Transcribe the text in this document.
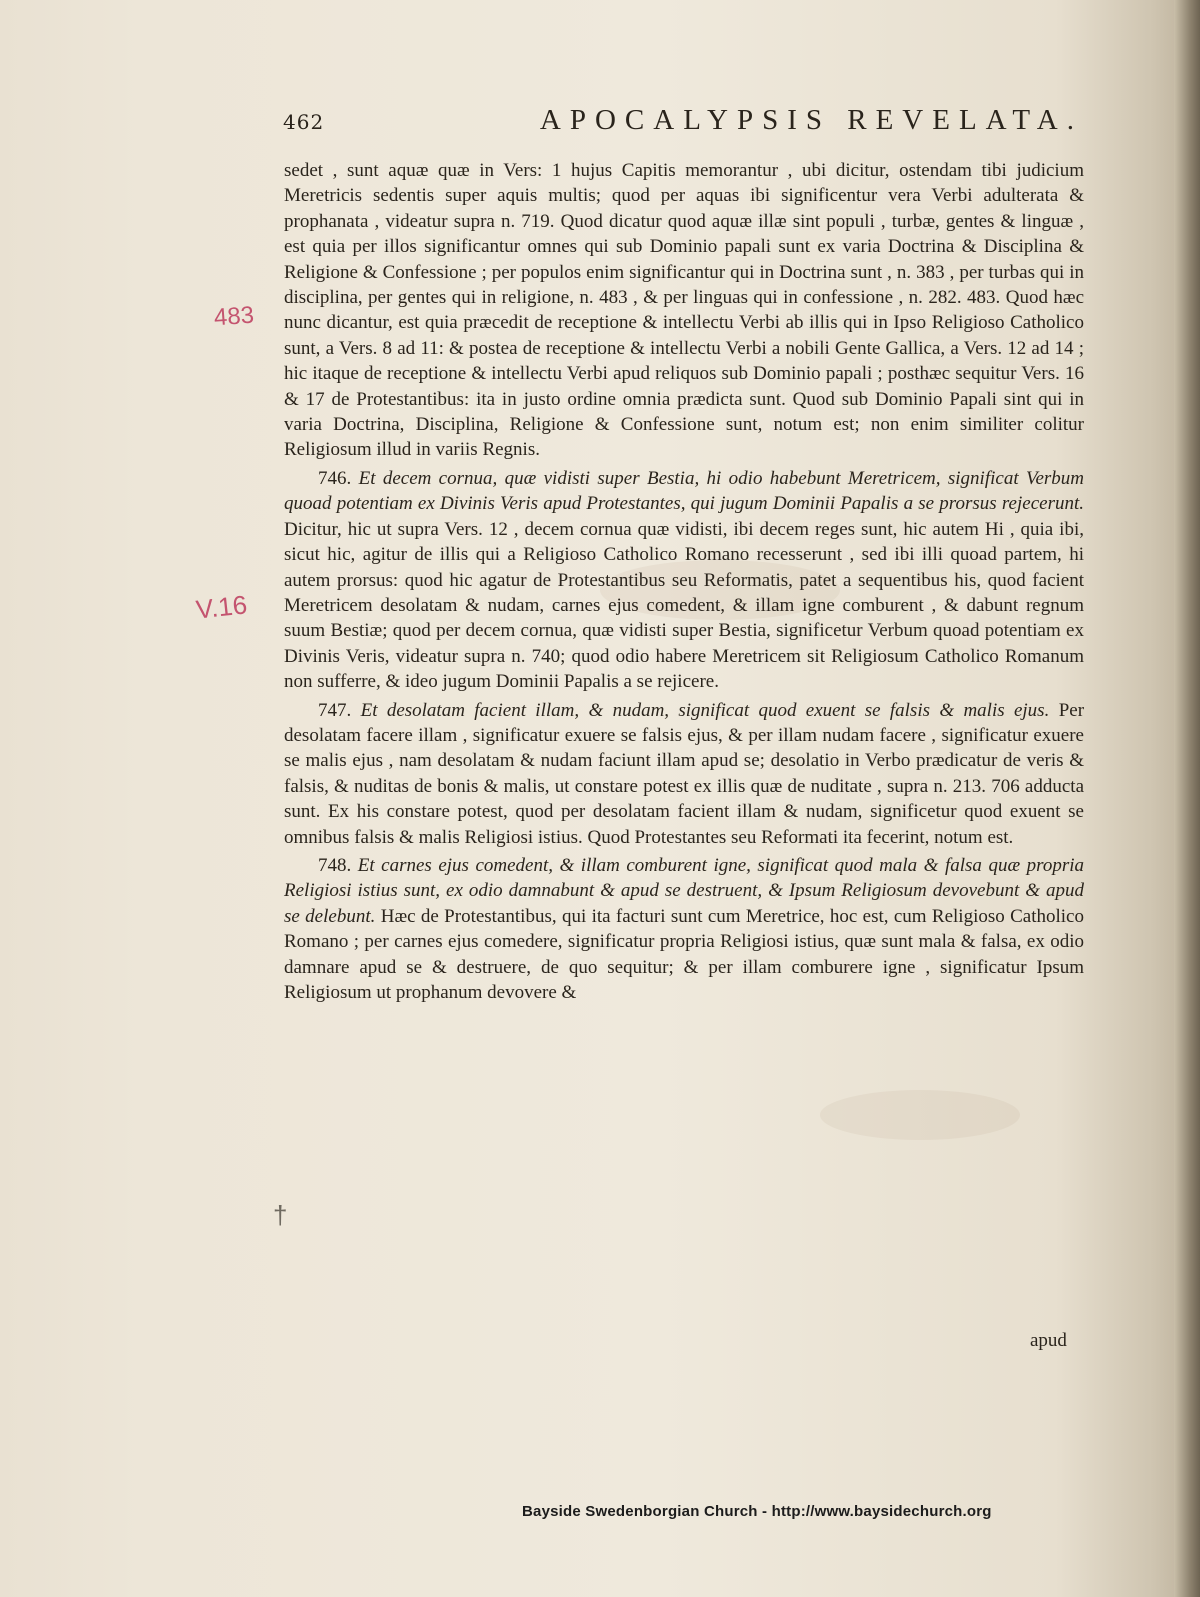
462	APOCALYPSIS REVELATA.
483
V.16
†

sedet , sunt aquæ quæ in Vers: 1 hujus Capitis memorantur , ubi dicitur, ostendam tibi judicium Meretricis sedentis super aquis multis; quod per aquas ibi significentur vera Verbi adulterata & prophanata , videatur supra n. 719. Quod dicatur quod aquæ illæ sint populi , turbæ, gentes & linguæ , est quia per illos significantur omnes qui sub Dominio papali sunt ex varia Doctrina & Disciplina & Religione & Confessione ; per populos enim significantur qui in Doctrina sunt , n. 383 , per turbas qui in disciplina, per gentes qui in religione, n. 483 , & per linguas qui in confessione , n. 282. 483. Quod hæc nunc dicantur, est quia præcedit de receptione & intellectu Verbi ab illis qui in Ipso Religioso Catholico sunt, a Vers. 8 ad 11: & postea de receptione & intellectu Verbi a nobili Gente Gallica, a Vers. 12 ad 14 ; hic itaque de receptione & intellectu Verbi apud reliquos sub Dominio papali ; posthæc sequitur Vers. 16 & 17 de Protestantibus: ita in justo ordine omnia prædicta sunt. Quod sub Dominio Papali sint qui in varia Doctrina, Disciplina, Religione & Confessione sunt, notum est; non enim similiter colitur Religiosum illud in variis Regnis.

746. Et decem cornua, quæ vidisti super Bestia, hi odio habebunt Meretricem, significat Verbum quoad potentiam ex Divinis Veris apud Protestantes, qui jugum Dominii Papalis a se prorsus rejecerunt. Dicitur, hic ut supra Vers. 12 , decem cornua quæ vidisti, ibi decem reges sunt, hic autem Hi , quia ibi, sicut hic, agitur de illis qui a Religioso Catholico Romano recesserunt , sed ibi illi quoad partem, hi autem prorsus: quod hic agatur de Protestantibus seu Reformatis, patet a sequentibus his, quod facient Meretricem desolatam & nudam, carnes ejus comedent, & illam igne comburent , & dabunt regnum suum Bestiæ; quod per decem cornua, quæ vidisti super Bestia, significetur Verbum quoad potentiam ex Divinis Veris, videatur supra n. 740; quod odio habere Meretricem sit Religiosum Catholico Romanum non sufferre, & ideo jugum Dominii Papalis a se rejicere.

747. Et desolatam facient illam, & nudam, significat quod exuent se falsis & malis ejus. Per desolatam facere illam , significatur exuere se falsis ejus, & per illam nudam facere , significatur exuere se malis ejus , nam desolatam & nudam faciunt illam apud se; desolatio in Verbo prædicatur de veris & falsis, & nuditas de bonis & malis, ut constare potest ex illis quæ de nuditate , supra n. 213. 706 adducta sunt. Ex his constare potest, quod per desolatam facient illam & nudam, significetur quod exuent se omnibus falsis & malis Religiosi istius. Quod Protestantes seu Reformati ita fecerint, notum est.

748. Et carnes ejus comedent, & illam comburent igne, significat quod mala & falsa quæ propria Religiosi istius sunt, ex odio damnabunt & apud se destruent, & Ipsum Religiosum devovebunt & apud se delebunt. Hæc de Protestantibus, qui ita facturi sunt cum Meretrice, hoc est, cum Religioso Catholico Romano ; per carnes ejus comedere, significatur propria Religiosi istius, quæ sunt mala & falsa, ex odio damnare apud se & destruere, de quo sequitur; & per illam comburere igne , significatur Ipsum Religiosum ut prophanum devovere &

apud
Bayside Swedenborgian Church - http://www.baysidechurch.org
